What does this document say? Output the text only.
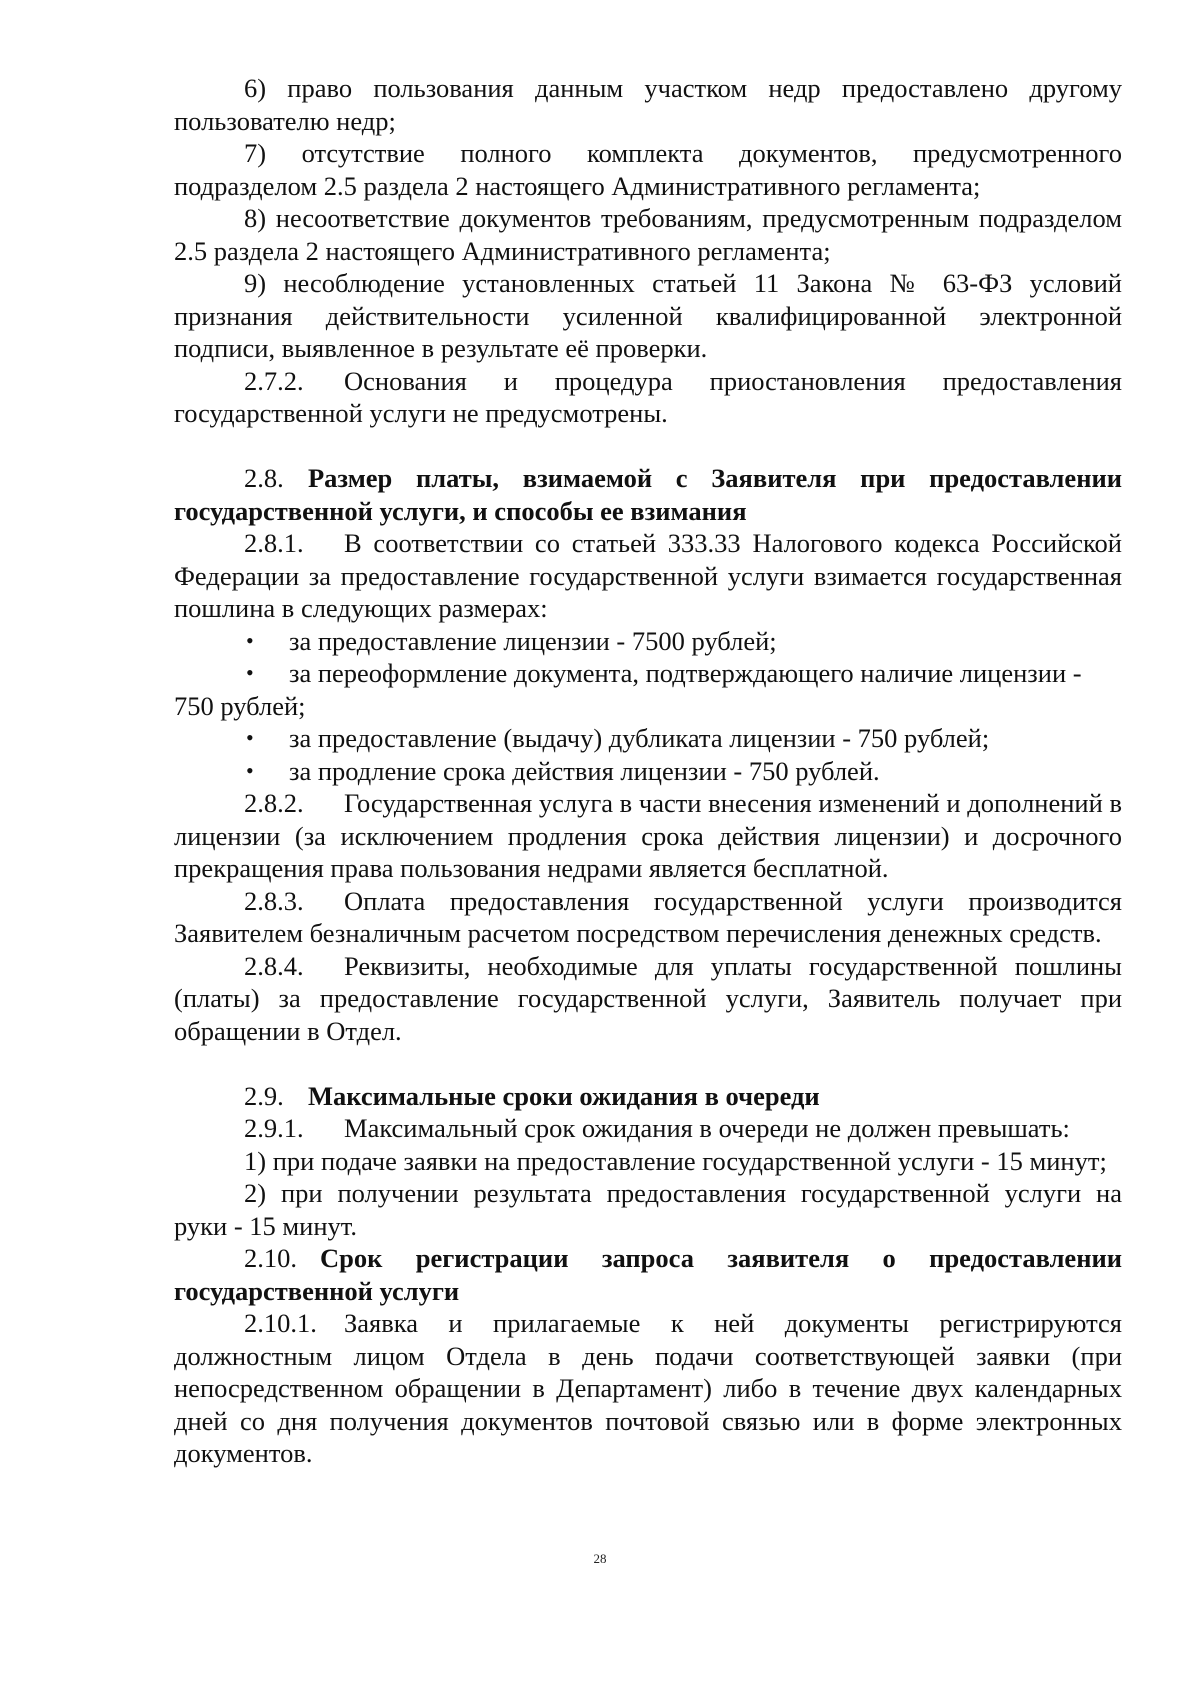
6) право пользования данным участком недр предоставлено другому пользователю недр;

7) отсутствие полного комплекта документов, предусмотренного подразделом 2.5 раздела 2 настоящего Административного регламента;

8) несоответствие документов требованиям, предусмотренным подразделом 2.5 раздела 2 настоящего Административного регламента;

9) несоблюдение установленных статьей 11 Закона № 63-ФЗ условий признания действительности усиленной квалифицированной электронной подписи, выявленное в результате её проверки.

2.7.2. Основания и процедура приостановления предоставления государственной услуги не предусмотрены.

2.8. Размер платы, взимаемой с Заявителя при предоставлении государственной услуги, и способы ее взимания

2.8.1. В соответствии со статьей 333.33 Налогового кодекса Российской Федерации за предоставление государственной услуги взимается государственная пошлина в следующих размерах:

• за предоставление лицензии - 7500 рублей;

• за переоформление документа, подтверждающего наличие лицензии - 750 рублей;

• за предоставление (выдачу) дубликата лицензии - 750 рублей;

• за продление срока действия лицензии - 750 рублей.

2.8.2. Государственная услуга в части внесения изменений и дополнений в лицензии (за исключением продления срока действия лицензии) и досрочного прекращения права пользования недрами является бесплатной.

2.8.3. Оплата предоставления государственной услуги производится Заявителем безналичным расчетом посредством перечисления денежных средств.

2.8.4. Реквизиты, необходимые для уплаты государственной пошлины (платы) за предоставление государственной услуги, Заявитель получает при обращении в Отдел.

2.9. Максимальные сроки ожидания в очереди

2.9.1. Максимальный срок ожидания в очереди не должен превышать:

1) при подаче заявки на предоставление государственной услуги - 15 минут;

2) при получении результата предоставления государственной услуги на руки - 15 минут.

2.10. Срок регистрации запроса заявителя о предоставлении государственной услуги

2.10.1. Заявка и прилагаемые к ней документы регистрируются должностным лицом Отдела в день подачи соответствующей заявки (при непосредственном обращении в Департамент) либо в течение двух календарных дней со дня получения документов почтовой связью или в форме электронных документов.

28
